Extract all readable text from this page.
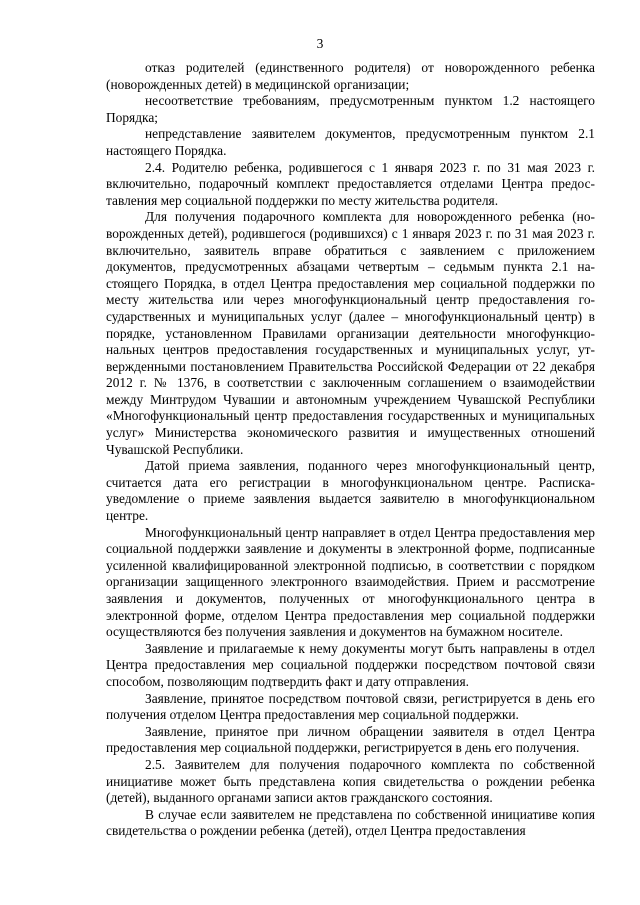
3

отказ родителей (единственного родителя) от новорожденного ребенка (новорожденных детей) в медицинской организации;

несоответствие требованиям, предусмотренным пунктом 1.2 настоящего Порядка;

непредставление заявителем документов, предусмотренным пунктом 2.1 настоящего Порядка.

2.4. Родителю ребенка, родившегося с 1 января 2023 г. по 31 мая 2023 г. включительно, подарочный комплект предоставляется отделами Центра предоставления мер социальной поддержки по месту жительства родителя.

Для получения подарочного комплекта для новорожденного ребенка (новорожденных детей), родившегося (родившихся) с 1 января 2023 г. по 31 мая 2023 г. включительно, заявитель вправе обратиться с заявлением с приложением документов, предусмотренных абзацами четвертым – седьмым пункта 2.1 настоящего Порядка, в отдел Центра предоставления мер социальной поддержки по месту жительства или через многофункциональный центр предоставления государственных и муниципальных услуг (далее – многофункциональный центр) в порядке, установленном Правилами организации деятельности многофункциональных центров предоставления государственных и муниципальных услуг, утвержденными постановлением Правительства Российской Федерации от 22 декабря 2012 г. № 1376, в соответствии с заключенным соглашением о взаимодействии между Минтрудом Чувашии и автономным учреждением Чувашской Республики «Многофункциональный центр предоставления государственных и муниципальных услуг» Министерства экономического развития и имущественных отношений Чувашской Республики.

Датой приема заявления, поданного через многофункциональный центр, считается дата его регистрации в многофункциональном центре. Расписка-уведомление о приеме заявления выдается заявителю в многофункциональном центре.

Многофункциональный центр направляет в отдел Центра предоставления мер социальной поддержки заявление и документы в электронной форме, подписанные усиленной квалифицированной электронной подписью, в соответствии с порядком организации защищенного электронного взаимодействия. Прием и рассмотрение заявления и документов, полученных от многофункционального центра в электронной форме, отделом Центра предоставления мер социальной поддержки осуществляются без получения заявления и документов на бумажном носителе.

Заявление и прилагаемые к нему документы могут быть направлены в отдел Центра предоставления мер социальной поддержки посредством почтовой связи способом, позволяющим подтвердить факт и дату отправления.

Заявление, принятое посредством почтовой связи, регистрируется в день его получения отделом Центра предоставления мер социальной поддержки.

Заявление, принятое при личном обращении заявителя в отдел Центра предоставления мер социальной поддержки, регистрируется в день его получения.

2.5. Заявителем для получения подарочного комплекта по собственной инициативе может быть представлена копия свидетельства о рождении ребенка (детей), выданного органами записи актов гражданского состояния.

В случае если заявителем не представлена по собственной инициативе копия свидетельства о рождении ребенка (детей), отдел Центра предоставления
